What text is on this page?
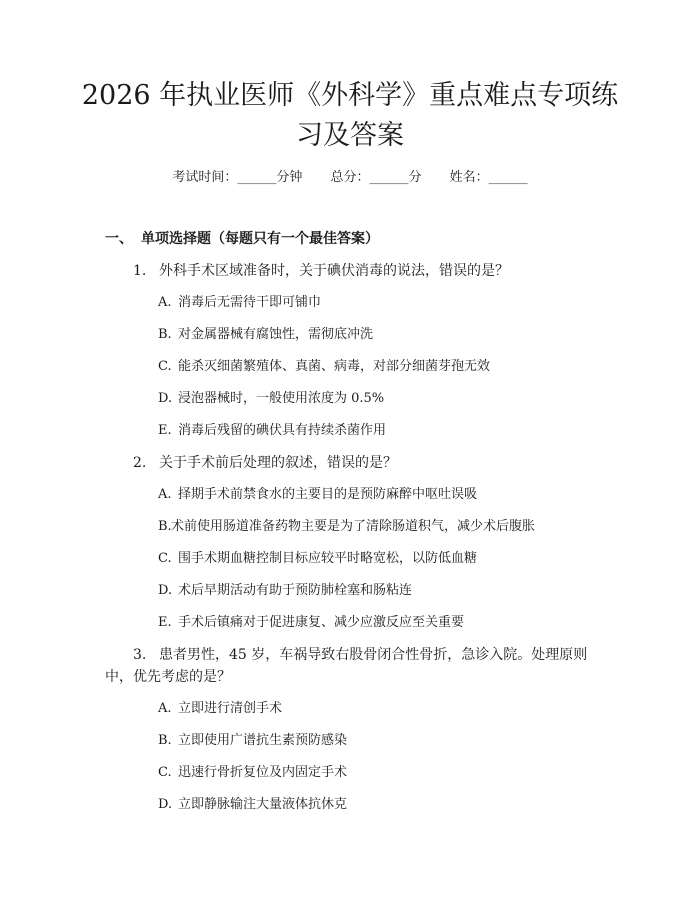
2026 年执业医师《外科学》重点难点专项练
习及答案
考试时间：______分钟 总分：______分 姓名：______
一、 单项选择题（每题只有一个最佳答案）
1. 外科手术区域准备时，关于碘伏消毒的说法，错误的是？
A. 消毒后无需待干即可铺巾
B. 对金属器械有腐蚀性，需彻底冲洗
C. 能杀灭细菌繁殖体、真菌、病毒，对部分细菌芽孢无效
D. 浸泡器械时，一般使用浓度为 0.5%
E. 消毒后残留的碘伏具有持续杀菌作用
2. 关于手术前后处理的叙述，错误的是？
A. 择期手术前禁食水的主要目的是预防麻醉中呕吐误吸
B.术前使用肠道准备药物主要是为了清除肠道积气，减少术后腹胀
C. 围手术期血糖控制目标应较平时略宽松，以防低血糖
D. 术后早期活动有助于预防肺栓塞和肠粘连
E. 手术后镇痛对于促进康复、减少应激反应至关重要
3. 患者男性，45 岁，车祸导致右股骨闭合性骨折，急诊入院。处理原则
中，优先考虑的是？
A. 立即进行清创手术
B. 立即使用广谱抗生素预防感染
C. 迅速行骨折复位及内固定手术
D. 立即静脉输注大量液体抗休克
